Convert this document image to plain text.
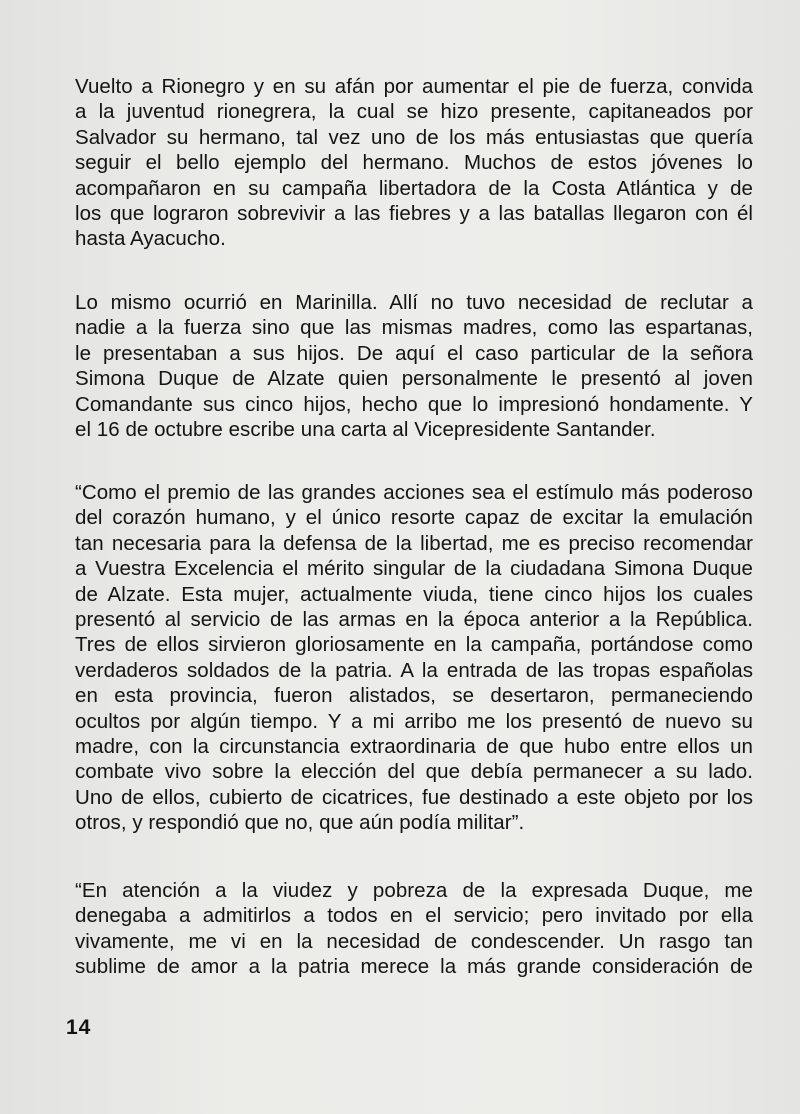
Vuelto a Rionegro y en su afán por aumentar el pie de fuerza, convida
a la juventud rionegrera, la cual se hizo presente, capitaneados por
Salvador su hermano, tal vez uno de los más entusiastas que quería
seguir el bello ejemplo del hermano. Muchos de estos jóvenes lo
acompañaron en su campaña libertadora de la Costa Atlántica y de
los que lograron sobrevivir a las fiebres y a las batallas llegaron con él
hasta Ayacucho.
Lo mismo ocurrió en Marinilla. Allí no tuvo necesidad de reclutar a
nadie a la fuerza sino que las mismas madres, como las espartanas,
le presentaban a sus hijos. De aquí el caso particular de la señora
Simona Duque de Alzate quien personalmente le presentó al joven
Comandante sus cinco hijos, hecho que lo impresionó hondamente. Y
el 16 de octubre escribe una carta al Vicepresidente Santander.
“Como el premio de las grandes acciones sea el estímulo más poderoso
del corazón humano, y el único resorte capaz de excitar la emulación
tan necesaria para la defensa de la libertad, me es preciso recomendar
a Vuestra Excelencia el mérito singular de la ciudadana Simona Duque
de Alzate. Esta mujer, actualmente viuda, tiene cinco hijos los cuales
presentó al servicio de las armas en la época anterior a la República.
Tres de ellos sirvieron gloriosamente en la campaña, portándose como
verdaderos soldados de la patria. A la entrada de las tropas españolas
en esta provincia, fueron alistados, se desertaron, permaneciendo
ocultos por algún tiempo. Y a mi arribo me los presentó de nuevo su
madre, con la circunstancia extraordinaria de que hubo entre ellos un
combate vivo sobre la elección del que debía permanecer a su lado.
Uno de ellos, cubierto de cicatrices, fue destinado a este objeto por los
otros, y respondió que no, que aún podía militar”.
“En atención a la viudez y pobreza de la expresada Duque, me
denegaba a admitirlos a todos en el servicio; pero invitado por ella
vivamente, me vi en la necesidad de condescender. Un rasgo tan
sublime de amor a la patria merece la más grande consideración de
14
